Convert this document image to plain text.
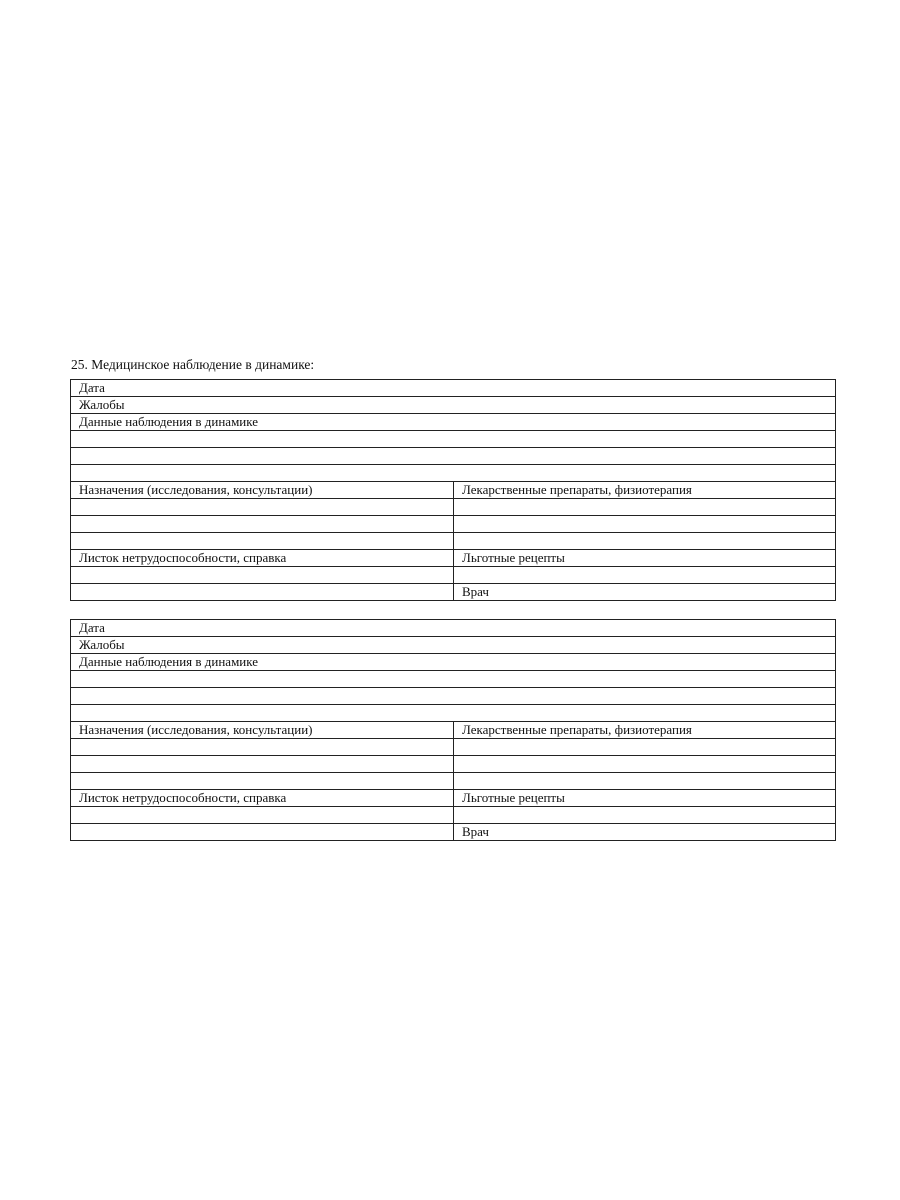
25. Медицинское наблюдение в динамике:
Дата	
Жалобы	
Данные наблюдения в динамике	

Назначения (исследования, консультации)	Лекарственные препараты, физиотерапия

Листок нетрудоспособности, справка	Льготные рецепты

	Врач
Дата	
Жалобы	
Данные наблюдения в динамике	

Назначения (исследования, консультации)	Лекарственные препараты, физиотерапия

Листок нетрудоспособности, справка	Льготные рецепты

	Врач
